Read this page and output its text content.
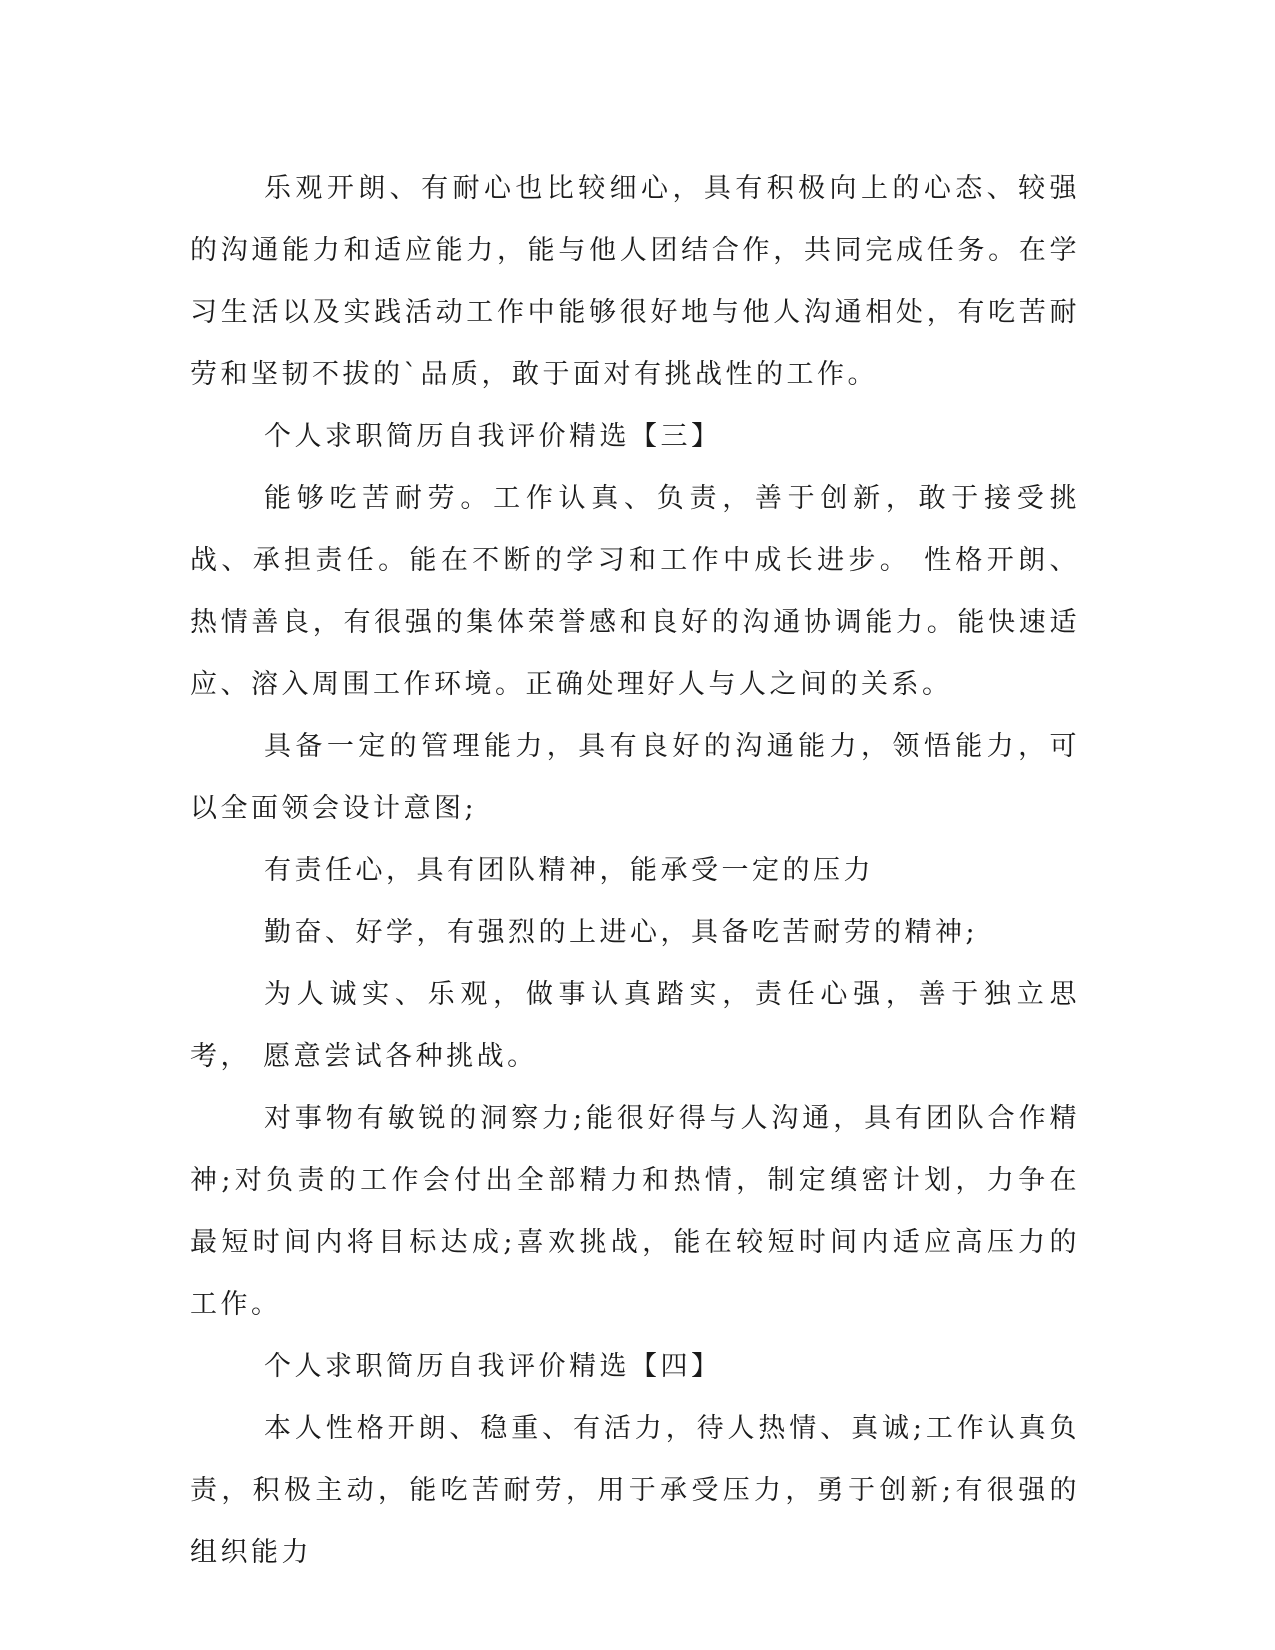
乐观开朗、有耐心也比较细心，具有积极向上的心态、较强的沟通能力和适应能力，能与他人团结合作，共同完成任务。在学习生活以及实践活动工作中能够很好地与他人沟通相处，有吃苦耐劳和坚韧不拔的`品质，敢于面对有挑战性的工作。

个人求职简历自我评价精选【三】

能够吃苦耐劳。工作认真、负责，善于创新，敢于接受挑战、承担责任。能在不断的学习和工作中成长进步。 性格开朗、热情善良，有很强的集体荣誉感和良好的沟通协调能力。能快速适应、溶入周围工作环境。正确处理好人与人之间的关系。

具备一定的管理能力，具有良好的沟通能力，领悟能力，可以全面领会设计意图;

有责任心，具有团队精神，能承受一定的压力

勤奋、好学，有强烈的上进心，具备吃苦耐劳的精神;

为人诚实、乐观，做事认真踏实，责任心强，善于独立思考， 愿意尝试各种挑战。

对事物有敏锐的洞察力;能很好得与人沟通，具有团队合作精神;对负责的工作会付出全部精力和热情，制定缜密计划，力争在最短时间内将目标达成;喜欢挑战，能在较短时间内适应高压力的工作。

个人求职简历自我评价精选【四】

本人性格开朗、稳重、有活力，待人热情、真诚;工作认真负责，积极主动，能吃苦耐劳，用于承受压力，勇于创新;有很强的组织能力
